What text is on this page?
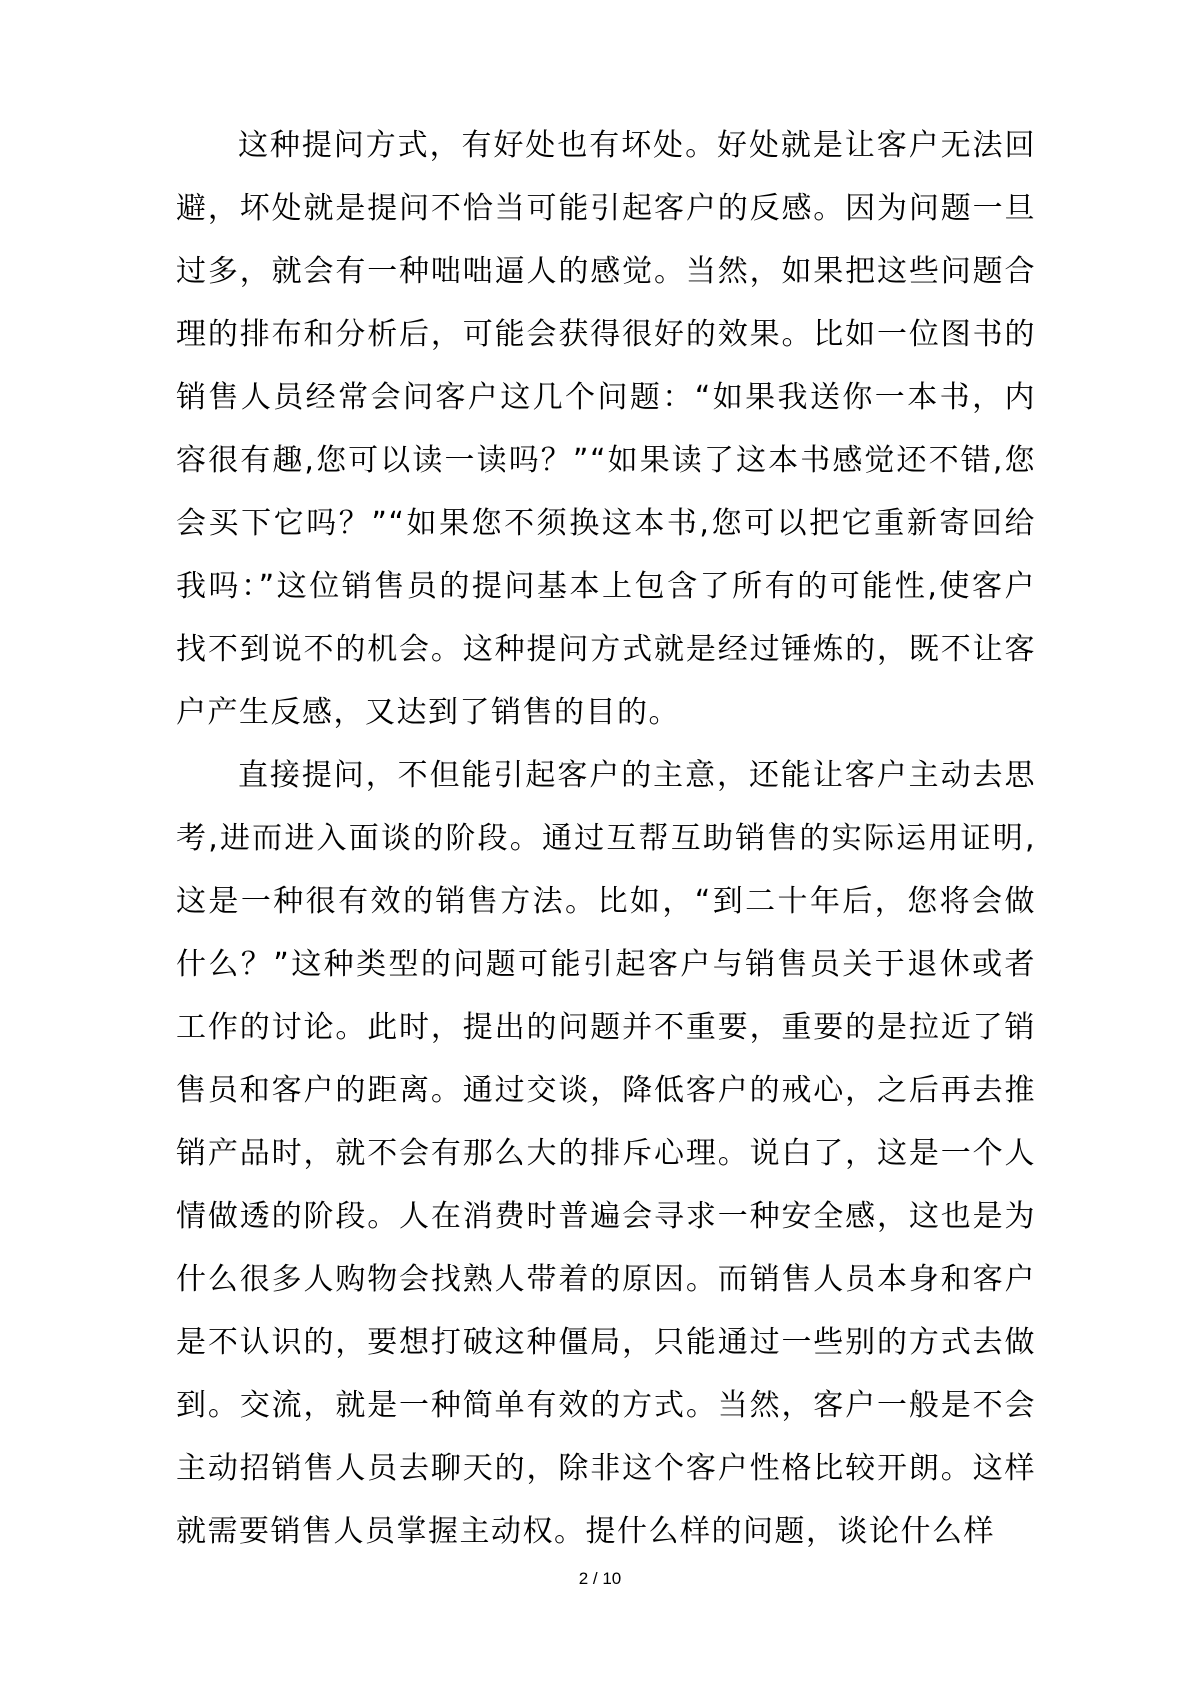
这种提问方式，有好处也有坏处。好处就是让客户无法回避，坏处就是提问不恰当可能引起客户的反感。因为问题一旦过多，就会有一种咄咄逼人的感觉。当然，如果把这些问题合理的排布和分析后，可能会获得很好的效果。比如一位图书的销售人员经常会问客户这几个问题：“如果我送你一本书，内容很有趣,您可以读一读吗？”“如果读了这本书感觉还不错,您会买下它吗？”“如果您不须换这本书,您可以把它重新寄回给我吗：”这位销售员的提问基本上包含了所有的可能性,使客户找不到说不的机会。这种提问方式就是经过锤炼的，既不让客户产生反感，又达到了销售的目的。

直接提问，不但能引起客户的主意，还能让客户主动去思考,进而进入面谈的阶段。通过互帮互助销售的实际运用证明,这是一种很有效的销售方法。比如，“到二十年后，您将会做什么？”这种类型的问题可能引起客户与销售员关于退休或者工作的讨论。此时，提出的问题并不重要，重要的是拉近了销售员和客户的距离。通过交谈，降低客户的戒心，之后再去推销产品时，就不会有那么大的排斥心理。说白了，这是一个人情做透的阶段。人在消费时普遍会寻求一种安全感，这也是为什么很多人购物会找熟人带着的原因。而销售人员本身和客户是不认识的，要想打破这种僵局，只能通过一些别的方式去做到。交流，就是一种简单有效的方式。当然，客户一般是不会主动招销售人员去聊天的，除非这个客户性格比较开朗。这样就需要销售人员掌握主动权。提什么样的问题，谈论什么样

2 / 10
